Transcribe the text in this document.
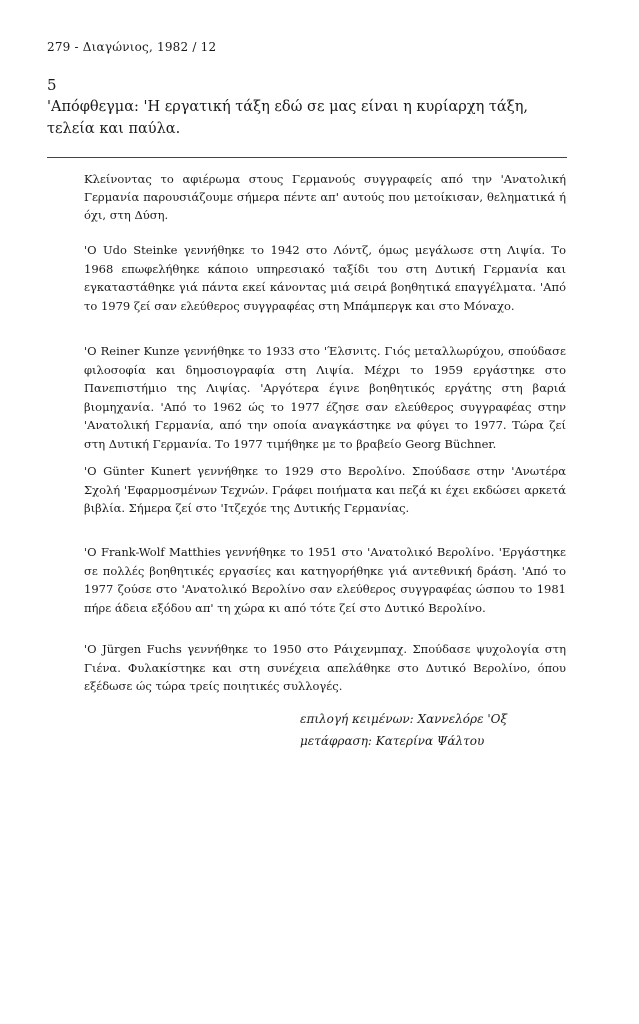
279 - Διαγώνιος, 1982 / 12
5

'Απόφθεγμα: 'Η εργατική τάξη εδώ σε μας είναι η κυρίαρχη τάξη, τελεία και παύλα.

Κλείνοντας το αφιέρωμα στους Γερμανούς συγγραφείς από την 'Ανατολική Γερμανία παρουσιάζουμε σήμερα πέντε απ' αυτούς που μετοίκισαν, θεληματικά ή όχι, στη Δύση.

'Ο Udo Steinke γεννήθηκε το 1942 στο Λόντζ, όμως μεγάλωσε στη Λιψία. Το 1968 επωφελήθηκε κάποιο υπηρεσιακό ταξίδι του στη Δυτική Γερμανία και εγκαταστάθηκε γιά πάντα εκεί κάνοντας μιά σειρά βοηθητικά επαγγέλματα. 'Από το 1979 ζεί σαν ελεύθερος συγγραφέας στη Μπάμπεργκ και στο Μόναχο.

'Ο Reiner Kunze γεννήθηκε το 1933 στο 'Έλσνιτς. Γιός μεταλλωρύχου, σπούδασε φιλοσοφία και δημοσιογραφία στη Λιψία. Μέχρι το 1959 εργάστηκε στο Πανεπιστήμιο της Λιψίας. 'Αργότερα έγινε βοηθητικός εργάτης στη βαριά βιομηχανία. 'Από το 1962 ώς το 1977 έζησε σαν ελεύθερος συγγραφέας στην 'Ανατολική Γερμανία, από την οποία αναγκάστηκε να φύγει το 1977. Τώρα ζεί στη Δυτική Γερμανία. Το 1977 τιμήθηκε με το βραβείο Georg Büchner.

'Ο Günter Kunert γεννήθηκε το 1929 στο Βερολίνο. Σπούδασε στην 'Ανωτέρα Σχολή 'Εφαρμοσμένων Τεχνών. Γράφει ποιήματα και πεζά κι έχει εκδώσει αρκετά βιβλία. Σήμερα ζεί στο 'Ιτζεχόε της Δυτικής Γερμανίας.

'Ο Frank-Wolf Matthies γεννήθηκε το 1951 στο 'Ανατολικό Βερολίνο. 'Εργάστηκε σε πολλές βοηθητικές εργασίες και κατηγορήθηκε γιά αντεθνική δράση. 'Από το 1977 ζούσε στο 'Ανατολικό Βερολίνο σαν ελεύθερος συγγραφέας ώσπου το 1981 πήρε άδεια εξόδου απ' τη χώρα κι από τότε ζεί στο Δυτικό Βερολίνο.

'Ο Jürgen Fuchs γεννήθηκε το 1950 στο Ράιχενμπαχ. Σπούδασε ψυχολογία στη Γιένα. Φυλακίστηκε και στη συνέχεια απελάθηκε στο Δυτικό Βερολίνο, όπου εξέδωσε ώς τώρα τρείς ποιητικές συλλογές.

επιλογή κειμένων: Χαννελόρε 'Οξ
μετάφραση: Κατερίνα Ψάλτου
